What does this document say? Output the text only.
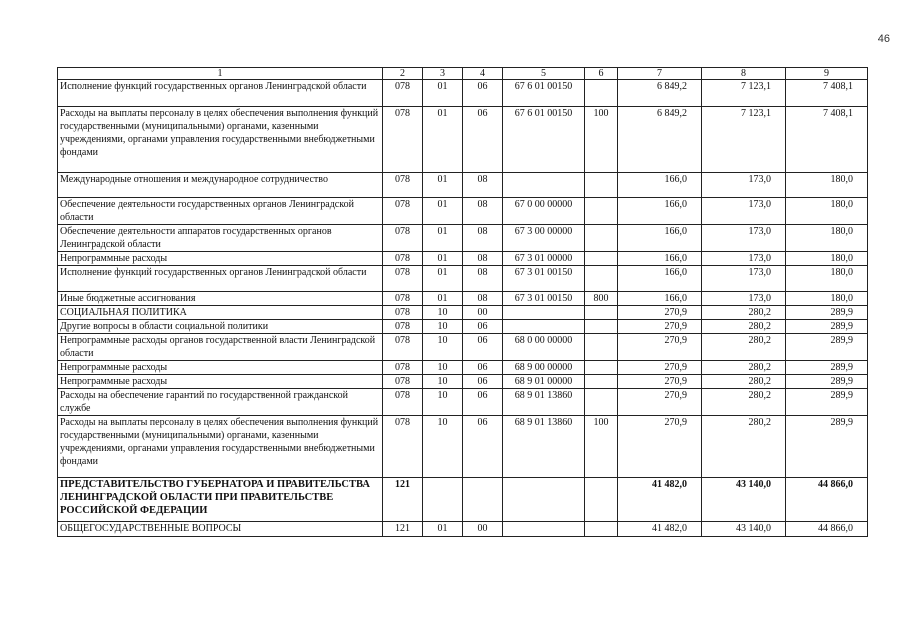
46
1	2	3	4	5	6	7	8	9
Исполнение функций государственных органов Ленинградской области	078	01	06	67 6 01 00150		6 849,2	7 123,1	7 408,1
Расходы на выплаты персоналу в целях обеспечения выполнения функций государственными (муниципальными) органами, казенными учреждениями, органами управления государственными внебюджетными фондами	078	01	06	67 6 01 00150	100	6 849,2	7 123,1	7 408,1
Международные отношения и международное сотрудничество	078	01	08			166,0	173,0	180,0
Обеспечение деятельности государственных органов Ленинградской области	078	01	08	67 0 00 00000		166,0	173,0	180,0
Обеспечение деятельности аппаратов государственных органов Ленинградской области	078	01	08	67 3 00 00000		166,0	173,0	180,0
Непрограммные расходы	078	01	08	67 3 01 00000		166,0	173,0	180,0
Исполнение функций государственных органов Ленинградской области	078	01	08	67 3 01 00150		166,0	173,0	180,0
Иные бюджетные ассигнования	078	01	08	67 3 01 00150	800	166,0	173,0	180,0
СОЦИАЛЬНАЯ ПОЛИТИКА	078	10	00			270,9	280,2	289,9
Другие вопросы в области социальной политики	078	10	06			270,9	280,2	289,9
Непрограммные расходы органов государственной власти Ленинградской области	078	10	06	68 0 00 00000		270,9	280,2	289,9
Непрограммные расходы	078	10	06	68 9 00 00000		270,9	280,2	289,9
Непрограммные расходы	078	10	06	68 9 01 00000		270,9	280,2	289,9
Расходы на обеспечение гарантий по государственной гражданской службе	078	10	06	68 9 01 13860		270,9	280,2	289,9
Расходы на выплаты персоналу в целях обеспечения выполнения функций государственными (муниципальными) органами, казенными учреждениями, органами управления государственными внебюджетными фондами	078	10	06	68 9 01 13860	100	270,9	280,2	289,9
ПРЕДСТАВИТЕЛЬСТВО ГУБЕРНАТОРА И ПРАВИТЕЛЬСТВА ЛЕНИНГРАДСКОЙ ОБЛАСТИ ПРИ ПРАВИТЕЛЬСТВЕ РОССИЙСКОЙ ФЕДЕРАЦИИ	121					41 482,0	43 140,0	44 866,0
ОБЩЕГОСУДАРСТВЕННЫЕ ВОПРОСЫ	121	01	00			41 482,0	43 140,0	44 866,0
